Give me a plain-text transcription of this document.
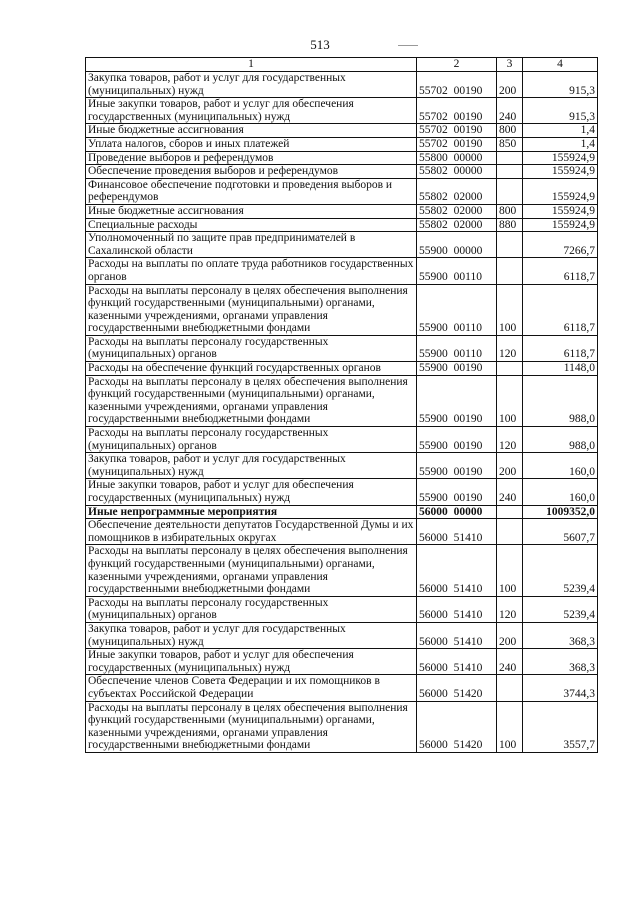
513
1	2	3	4
Закупка товаров, работ и услуг для государственных (муниципальных) нужд	55702 00190	200	915,3
Иные закупки товаров, работ и услуг для обеспечения государственных (муниципальных) нужд	55702 00190	240	915,3
Иные бюджетные ассигнования	55702 00190	800	1,4
Уплата налогов, сборов и иных платежей	55702 00190	850	1,4
Проведение выборов и референдумов	55800 00000		155924,9
Обеспечение проведения выборов и референдумов	55802 00000		155924,9
Финансовое обеспечение подготовки и проведения выборов и референдумов	55802 02000		155924,9
Иные бюджетные ассигнования	55802 02000	800	155924,9
Специальные расходы	55802 02000	880	155924,9
Уполномоченный по защите прав предпринимателей в Сахалинской области	55900 00000		7266,7
Расходы на выплаты по оплате труда работников государственных органов	55900 00110		6118,7
Расходы на выплаты персоналу в целях обеспечения выполнения функций государственными (муниципальными) органами, казенными учреждениями, органами управления государственными внебюджетными фондами	55900 00110	100	6118,7
Расходы на выплаты персоналу государственных (муниципальных) органов	55900 00110	120	6118,7
Расходы на обеспечение функций государственных органов	55900 00190		1148,0
Расходы на выплаты персоналу в целях обеспечения выполнения функций государственными (муниципальными) органами, казенными учреждениями, органами управления государственными внебюджетными фондами	55900 00190	100	988,0
Расходы на выплаты персоналу государственных (муниципальных) органов	55900 00190	120	988,0
Закупка товаров, работ и услуг для государственных (муниципальных) нужд	55900 00190	200	160,0
Иные закупки товаров, работ и услуг для обеспечения государственных (муниципальных) нужд	55900 00190	240	160,0
Иные непрограммные мероприятия	56000 00000		1009352,0
Обеспечение деятельности депутатов Государственной Думы и их помощников в избирательных округах	56000 51410		5607,7
Расходы на выплаты персоналу в целях обеспечения выполнения функций государственными (муниципальными) органами, казенными учреждениями, органами управления государственными внебюджетными фондами	56000 51410	100	5239,4
Расходы на выплаты персоналу государственных (муниципальных) органов	56000 51410	120	5239,4
Закупка товаров, работ и услуг для государственных (муниципальных) нужд	56000 51410	200	368,3
Иные закупки товаров, работ и услуг для обеспечения государственных (муниципальных) нужд	56000 51410	240	368,3
Обеспечение членов Совета Федерации и их помощников в субъектах Российской Федерации	56000 51420		3744,3
Расходы на выплаты персоналу в целях обеспечения выполнения функций государственными (муниципальными) органами, казенными учреждениями, органами управления государственными внебюджетными фондами	56000 51420	100	3557,7
